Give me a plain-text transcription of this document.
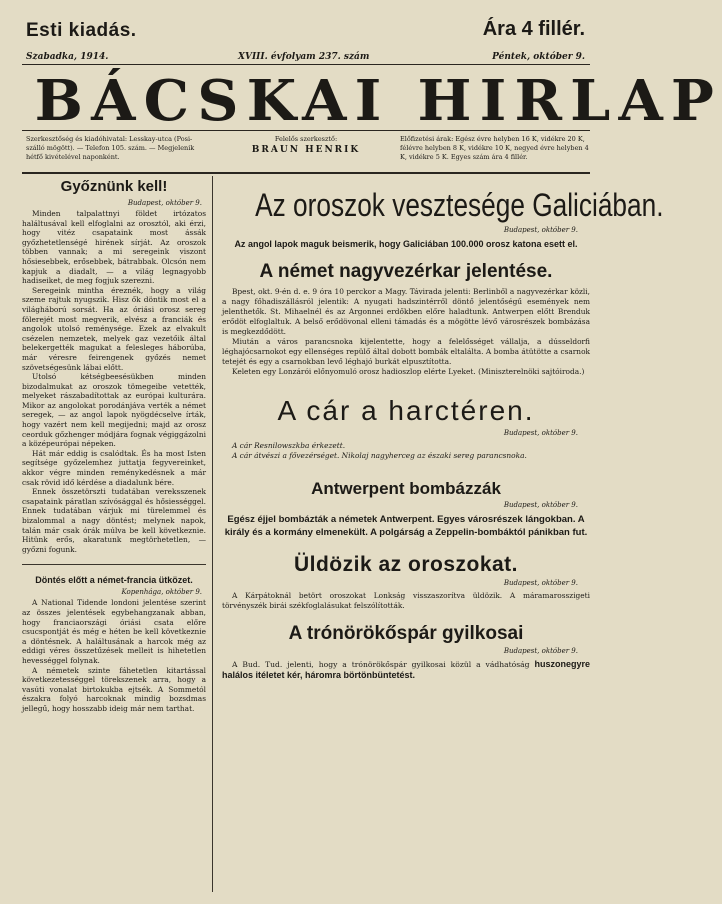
Esti kiadás.	Ára 4 fillér.
Szabadka, 1914.	XVIII. évfolyam 237. szám	Péntek, október 9.
BÁCSKAI HIRLAP
Szerkesztőség és kiadóhivatal: Lesskay-utca (Posi-szálló mögött). — Telefon 105. szám. — Megjelenik hétfő kivételével naponként.
Felelős szerkesztő:
BRAUN HENRIK
Előfizetési árak: Egész évre helyben 16 K, vidékre 20 K, félévre helyben 8 K, vidékre 10 K, negyed évre helyben 4 K, vidékre 5 K. Egyes szám ára 4 fillér.
Győznünk kell!
Budapest, október 9.

Minden talpalattnyi földet irtózatos haláltusával kell elfoglalni az orosztól, aki érzi, hogy vitéz csapataink most ássák győzhetetlenségé hirének sírját. Az oroszok többen vannak; a mi seregeink viszont hősiesebbek, erősebbek, bátrabbak. Olcsón nem kapjuk a diadalt, — a világ legnagyobb hadiseiket, de meg fogjuk szerezni.

Seregeink mintha éreznék, hogy a világ szeme rajtuk nyugszik. Hisz ők döntik most el a világháború sorsát. Ha az óriási orosz sereg fölerejét most megverik, elvész a franciák és angolok utolsó reménysége. Ezek az elvakult csézelen nemzetek, melyek gaz vezetőik által belekergették magukat a felesleges háborúba, már véresre feirengenek győzés nemet szövetségesünk lábai előtt.

Utolsó kétségbeesésükben minden bizodalmukat az oroszok tömegeibe vetették, melyeket rászabadítottak az európai kulturára. Mikor az angolokat porodánjáva verték a német seregek, — az angol lapok nyögdécselve írták, hogy vazért nem kell megijedni; majd az orosz ceorduk gőzhenger módjára fognak végiggázolni a középeurópai népeken.

Hát már eddig is csalódtak. És ha most Isten segítsége győzelemhez juttatja fegyvereinket, akkor végre minden reménykedésnek a már csak rövid idő kérdése a diadalunk bére.

Ennek összetörszti tudatában vereksszenek csapataink páratlan szívósággal és hősiességgel. Ennek tudatában várjuk mi türelemmel és bizalommal a nagy döntést; melynek napok, talán már csak órák múlva be kell következnie. Hitünk erős, akaratunk megtörhetetlen, — győzni fogunk.

Döntés előtt a német-francia ütközet.
Kopenhága, október 9.

A National Tidende londoni jelentése szerint az összes jelentések egybehangzanak abban, hogy franciaországi óriási csata előre csucspontját és még e héten be kell következnie a döntésnek. A haláltusának a harcok még az eddigi véres összetűzések melleit is hihetetlen hevességgel folynak.

A németek szinte fáhetetlen kitartással következetességgel törekszenek arra, hogy a vasúti vonalat birtokukba ejtsék. A Sommetól északra folyó harcoknak mindig bozsdmas jellegű, hogy hosszabb ideig már nem tarthat.

Az oroszok vesztesége Galiciában.
Budapest, október 9.
Az angol lapok maguk beismerik, hogy Galiciában 100.000 orosz katona esett el.
A német nagyvezérkar jelentése.

Bpest, okt. 9-én d. e. 9 óra 10 perckor a Magy. Távirada jelenti: Berlinből a nagyvezérkar közli, a nagy főhadiszállásról jelentik: A nyugati hadszintérről döntő jelentőségű események nem jelenthetők. St. Mihaelnél és az Argonnei erdőkben előre haladtunk. Antwerpen előtt Brenduk erődöt elfoglaltuk. A belső erődövonal elleni támadás és a mögötte lévő városrészek bombázása is megkezdődött.

Miután a város parancsnoka kijelentette, hogy a felelősséget vállalja, a dússeldorfi léghajócsarnokot egy ellenséges repülő által dobott bombák eltalálta. A bomba átütötte a csarnok tetejét és egy a csarnokban levő léghajó burkát elpusztította.

Keleten egy Lonzárói előnyomuló orosz hadioszlop elérte Lyeket. (Miniszterelnöki sajtóiroda.)

A cár a harctéren.
Budapest, október 9.

A cár Resnilowszkba érkezett.

A cár átvészi a fővezérséget. Nikolaj nagyherceg az északi sereg parancsnoka.

Antwerpent bombázzák
Budapest, október 9.

Egész éjjel bombázták a németek Antwerpent. Egyes városrészek lángokban. A király és a kormány elmenekült. A polgárság a Zeppelin-bombáktól pánikban fut.

Üldözik az oroszokat.
Budapest, október 9.

A Kárpátoknál betört oroszokat Lonkság visszaszorítva üldözik. A máramarosszigeti törvényszék birái székfoglalásukat felszólították.

A trónörökőspár gyilkosai
Budapest, október 9.

A Bud. Tud. jelenti, hogy a trónörökőspár gyilkosai közül a vádhatóság huszonegyre halálos itéletet kér, háromra börtönbüntetést.
